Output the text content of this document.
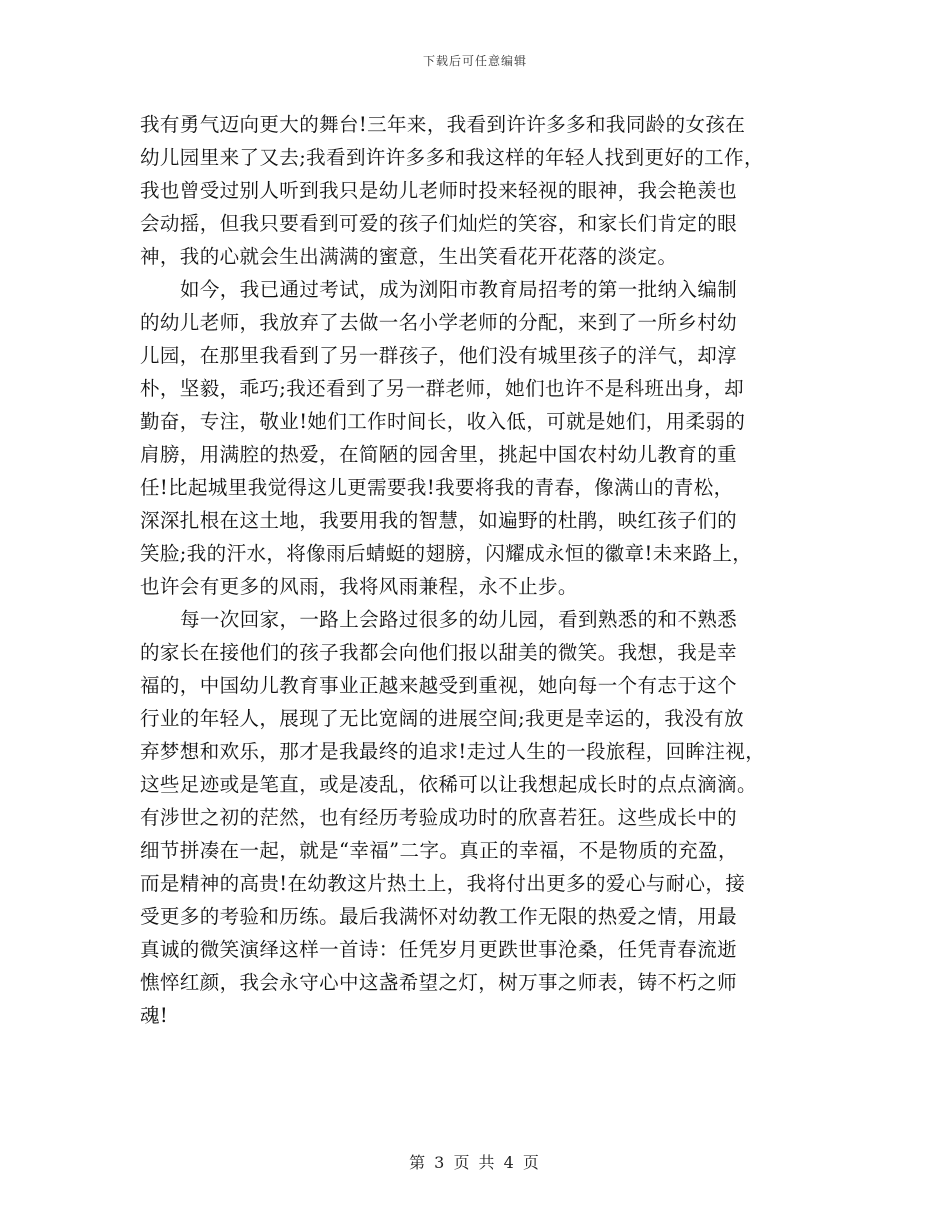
下载后可任意编辑
我有勇气迈向更大的舞台!三年来，我看到许许多多和我同龄的女孩在
幼儿园里来了又去;我看到许许多多和我这样的年轻人找到更好的工作，
我也曾受过别人听到我只是幼儿老师时投来轻视的眼神，我会艳羡也
会动摇，但我只要看到可爱的孩子们灿烂的笑容，和家长们肯定的眼
神，我的心就会生出满满的蜜意，生出笑看花开花落的淡定。
如今，我已通过考试，成为浏阳市教育局招考的第一批纳入编制
的幼儿老师，我放弃了去做一名小学老师的分配，来到了一所乡村幼
儿园，在那里我看到了另一群孩子，他们没有城里孩子的洋气，却淳
朴，坚毅，乖巧;我还看到了另一群老师，她们也许不是科班出身，却
勤奋，专注，敬业!她们工作时间长，收入低，可就是她们，用柔弱的
肩膀，用满腔的热爱，在简陋的园舍里，挑起中国农村幼儿教育的重
任!比起城里我觉得这儿更需要我!我要将我的青春，像满山的青松，
深深扎根在这土地，我要用我的智慧，如遍野的杜鹃，映红孩子们的
笑脸;我的汗水，将像雨后蜻蜓的翅膀，闪耀成永恒的徽章!未来路上，
也许会有更多的风雨，我将风雨兼程，永不止步。
每一次回家，一路上会路过很多的幼儿园，看到熟悉的和不熟悉
的家长在接他们的孩子我都会向他们报以甜美的微笑。我想，我是幸
福的，中国幼儿教育事业正越来越受到重视，她向每一个有志于这个
行业的年轻人，展现了无比宽阔的进展空间;我更是幸运的，我没有放
弃梦想和欢乐，那才是我最终的追求!走过人生的一段旅程，回眸注视，
这些足迹或是笔直，或是凌乱，依稀可以让我想起成长时的点点滴滴。
有涉世之初的茫然，也有经历考验成功时的欣喜若狂。这些成长中的
细节拼凑在一起，就是“幸福”二字。真正的幸福，不是物质的充盈，
而是精神的高贵!在幼教这片热土上，我将付出更多的爱心与耐心，接
受更多的考验和历练。最后我满怀对幼教工作无限的热爱之情，用最
真诚的微笑演绎这样一首诗：任凭岁月更跌世事沧桑，任凭青春流逝
憔悴红颜，我会永守心中这盏希望之灯，树万事之师表，铸不朽之师
魂!
第 3 页 共 4 页
